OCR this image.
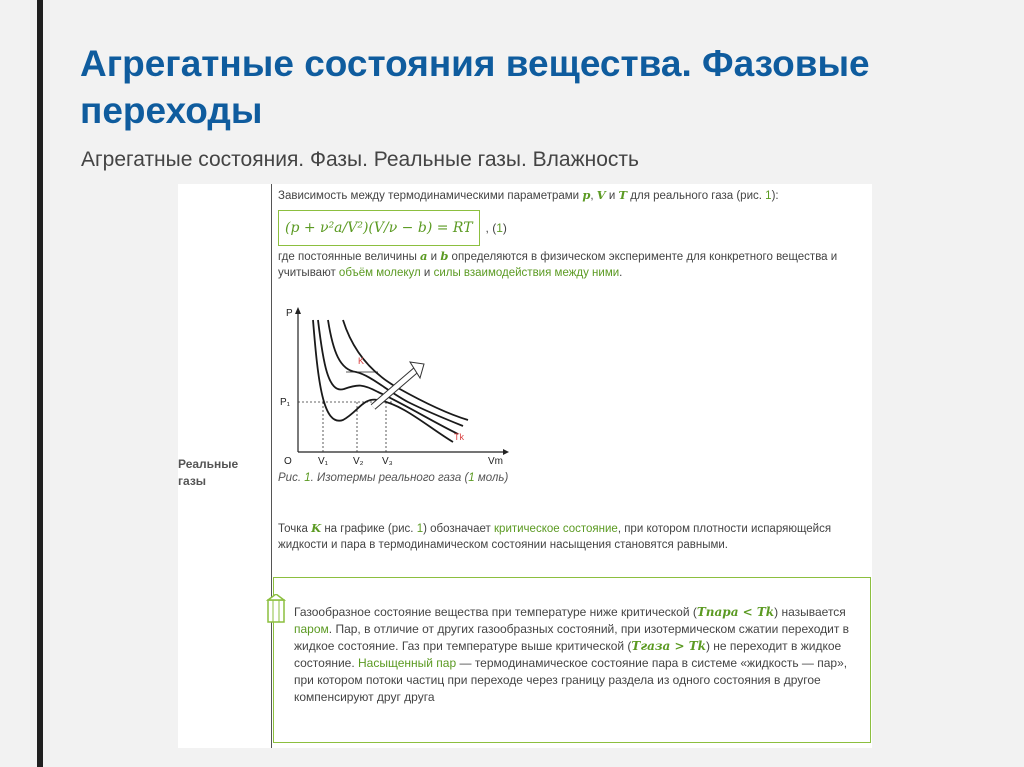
Агрегатные состояния вещества. Фазовые переходы

Агрегатные состояния. Фазы. Реальные газы. Влажность

Реальные газы

Зависимость между термодинамическими параметрами p, V и T для реального газа (рис. 1):

(p + ν²a/V²)(V/ν − b) = RT	, (1)

где постоянные величины a и b определяются в физическом эксперименте для конкретного вещества и учитывают объём молекул и силы взаимодействия между ними.

P
Vm
O
P₁
V₁ V₂ V₃
K
Tk
Рис. 1. Изотермы реального газа (1 моль)

Точка K на графике (рис. 1) обозначает критическое состояние, при котором плотности испаряющейся жидкости и пара в термодинамическом состоянии насыщения становятся равными.

Газообразное состояние вещества при температуре ниже критической (Tпара < Tk) называется паром. Пар, в отличие от других газообразных состояний, при изотермическом сжатии переходит в жидкое состояние. Газ при температуре выше критической (Tгаза > Tk) не переходит в жидкое состояние. Насыщенный пар — термодинамическое состояние пара в системе «жидкость — пар», при котором потоки частиц при переходе через границу раздела из одного состояния в другое компенсируют друг друга
